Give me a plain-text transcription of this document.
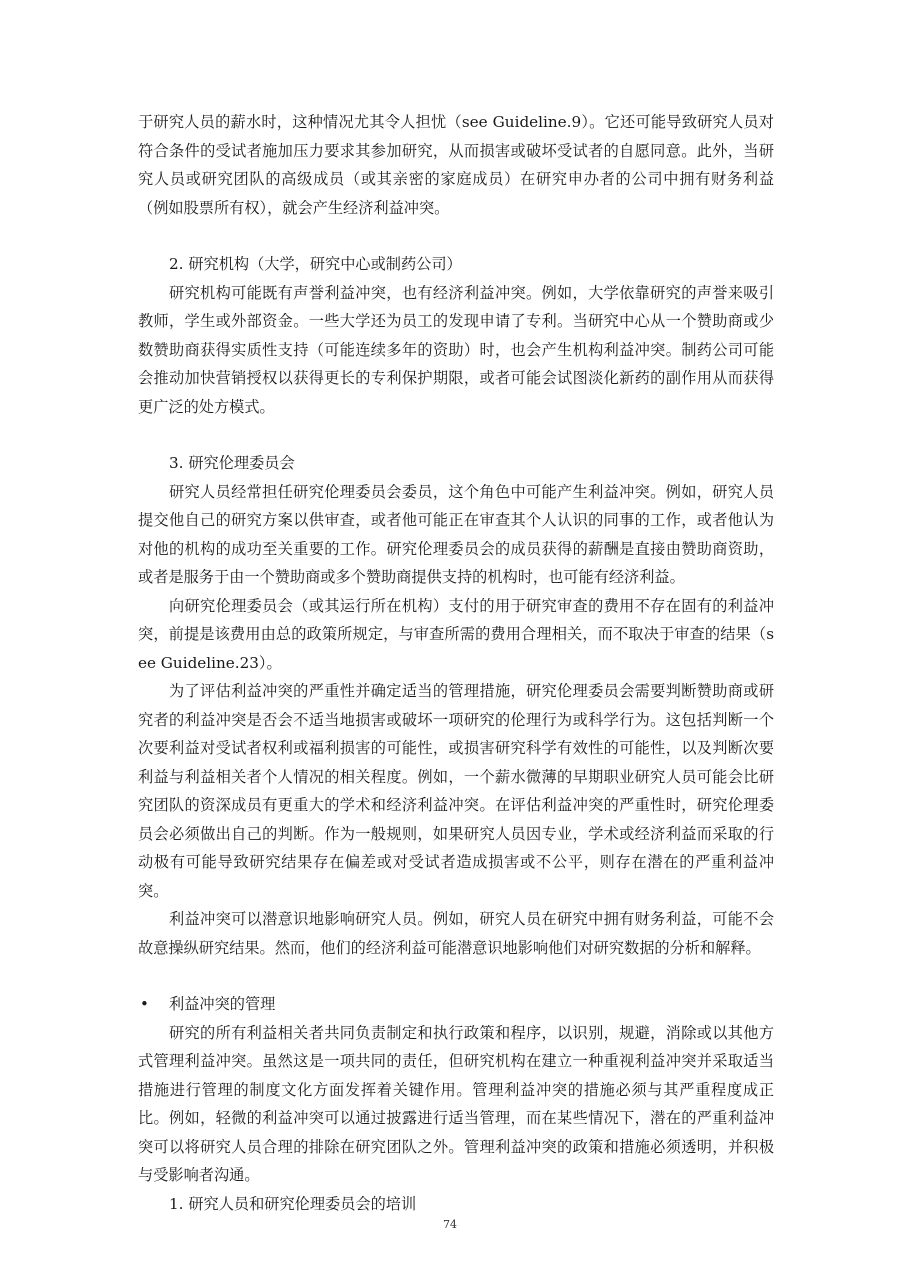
于研究人员的薪水时，这种情况尤其令人担忧（see Guideline.9）。它还可能导致研究人员对符合条件的受试者施加压力要求其参加研究，从而损害或破坏受试者的自愿同意。此外，当研究人员或研究团队的高级成员（或其亲密的家庭成员）在研究申办者的公司中拥有财务利益（例如股票所有权），就会产生经济利益冲突。

2. 研究机构（大学，研究中心或制药公司）

研究机构可能既有声誉利益冲突，也有经济利益冲突。例如，大学依靠研究的声誉来吸引教师，学生或外部资金。一些大学还为员工的发现申请了专利。当研究中心从一个赞助商或少数赞助商获得实质性支持（可能连续多年的资助）时，也会产生机构利益冲突。制药公司可能会推动加快营销授权以获得更长的专利保护期限，或者可能会试图淡化新药的副作用从而获得更广泛的处方模式。

3. 研究伦理委员会

研究人员经常担任研究伦理委员会委员，这个角色中可能产生利益冲突。例如，研究人员提交他自己的研究方案以供审查，或者他可能正在审查其个人认识的同事的工作，或者他认为对他的机构的成功至关重要的工作。研究伦理委员会的成员获得的薪酬是直接由赞助商资助，或者是服务于由一个赞助商或多个赞助商提供支持的机构时，也可能有经济利益。

向研究伦理委员会（或其运行所在机构）支付的用于研究审查的费用不存在固有的利益冲突，前提是该费用由总的政策所规定，与审查所需的费用合理相关，而不取决于审查的结果（see Guideline.23）。

为了评估利益冲突的严重性并确定适当的管理措施，研究伦理委员会需要判断赞助商或研究者的利益冲突是否会不适当地损害或破坏一项研究的伦理行为或科学行为。这包括判断一个次要利益对受试者权利或福利损害的可能性，或损害研究科学有效性的可能性，以及判断次要利益与利益相关者个人情况的相关程度。例如，一个薪水微薄的早期职业研究人员可能会比研究团队的资深成员有更重大的学术和经济利益冲突。在评估利益冲突的严重性时，研究伦理委员会必须做出自己的判断。作为一般规则，如果研究人员因专业，学术或经济利益而采取的行动极有可能导致研究结果存在偏差或对受试者造成损害或不公平，则存在潜在的严重利益冲突。

利益冲突可以潜意识地影响研究人员。例如，研究人员在研究中拥有财务利益，可能不会故意操纵研究结果。然而，他们的经济利益可能潜意识地影响他们对研究数据的分析和解释。

• 利益冲突的管理

研究的所有利益相关者共同负责制定和执行政策和程序，以识别，规避，消除或以其他方式管理利益冲突。虽然这是一项共同的责任，但研究机构在建立一种重视利益冲突并采取适当措施进行管理的制度文化方面发挥着关键作用。管理利益冲突的措施必须与其严重程度成正比。例如，轻微的利益冲突可以通过披露进行适当管理，而在某些情况下，潜在的严重利益冲突可以将研究人员合理的排除在研究团队之外。管理利益冲突的政策和措施必须透明，并积极与受影响者沟通。

1. 研究人员和研究伦理委员会的培训

74
